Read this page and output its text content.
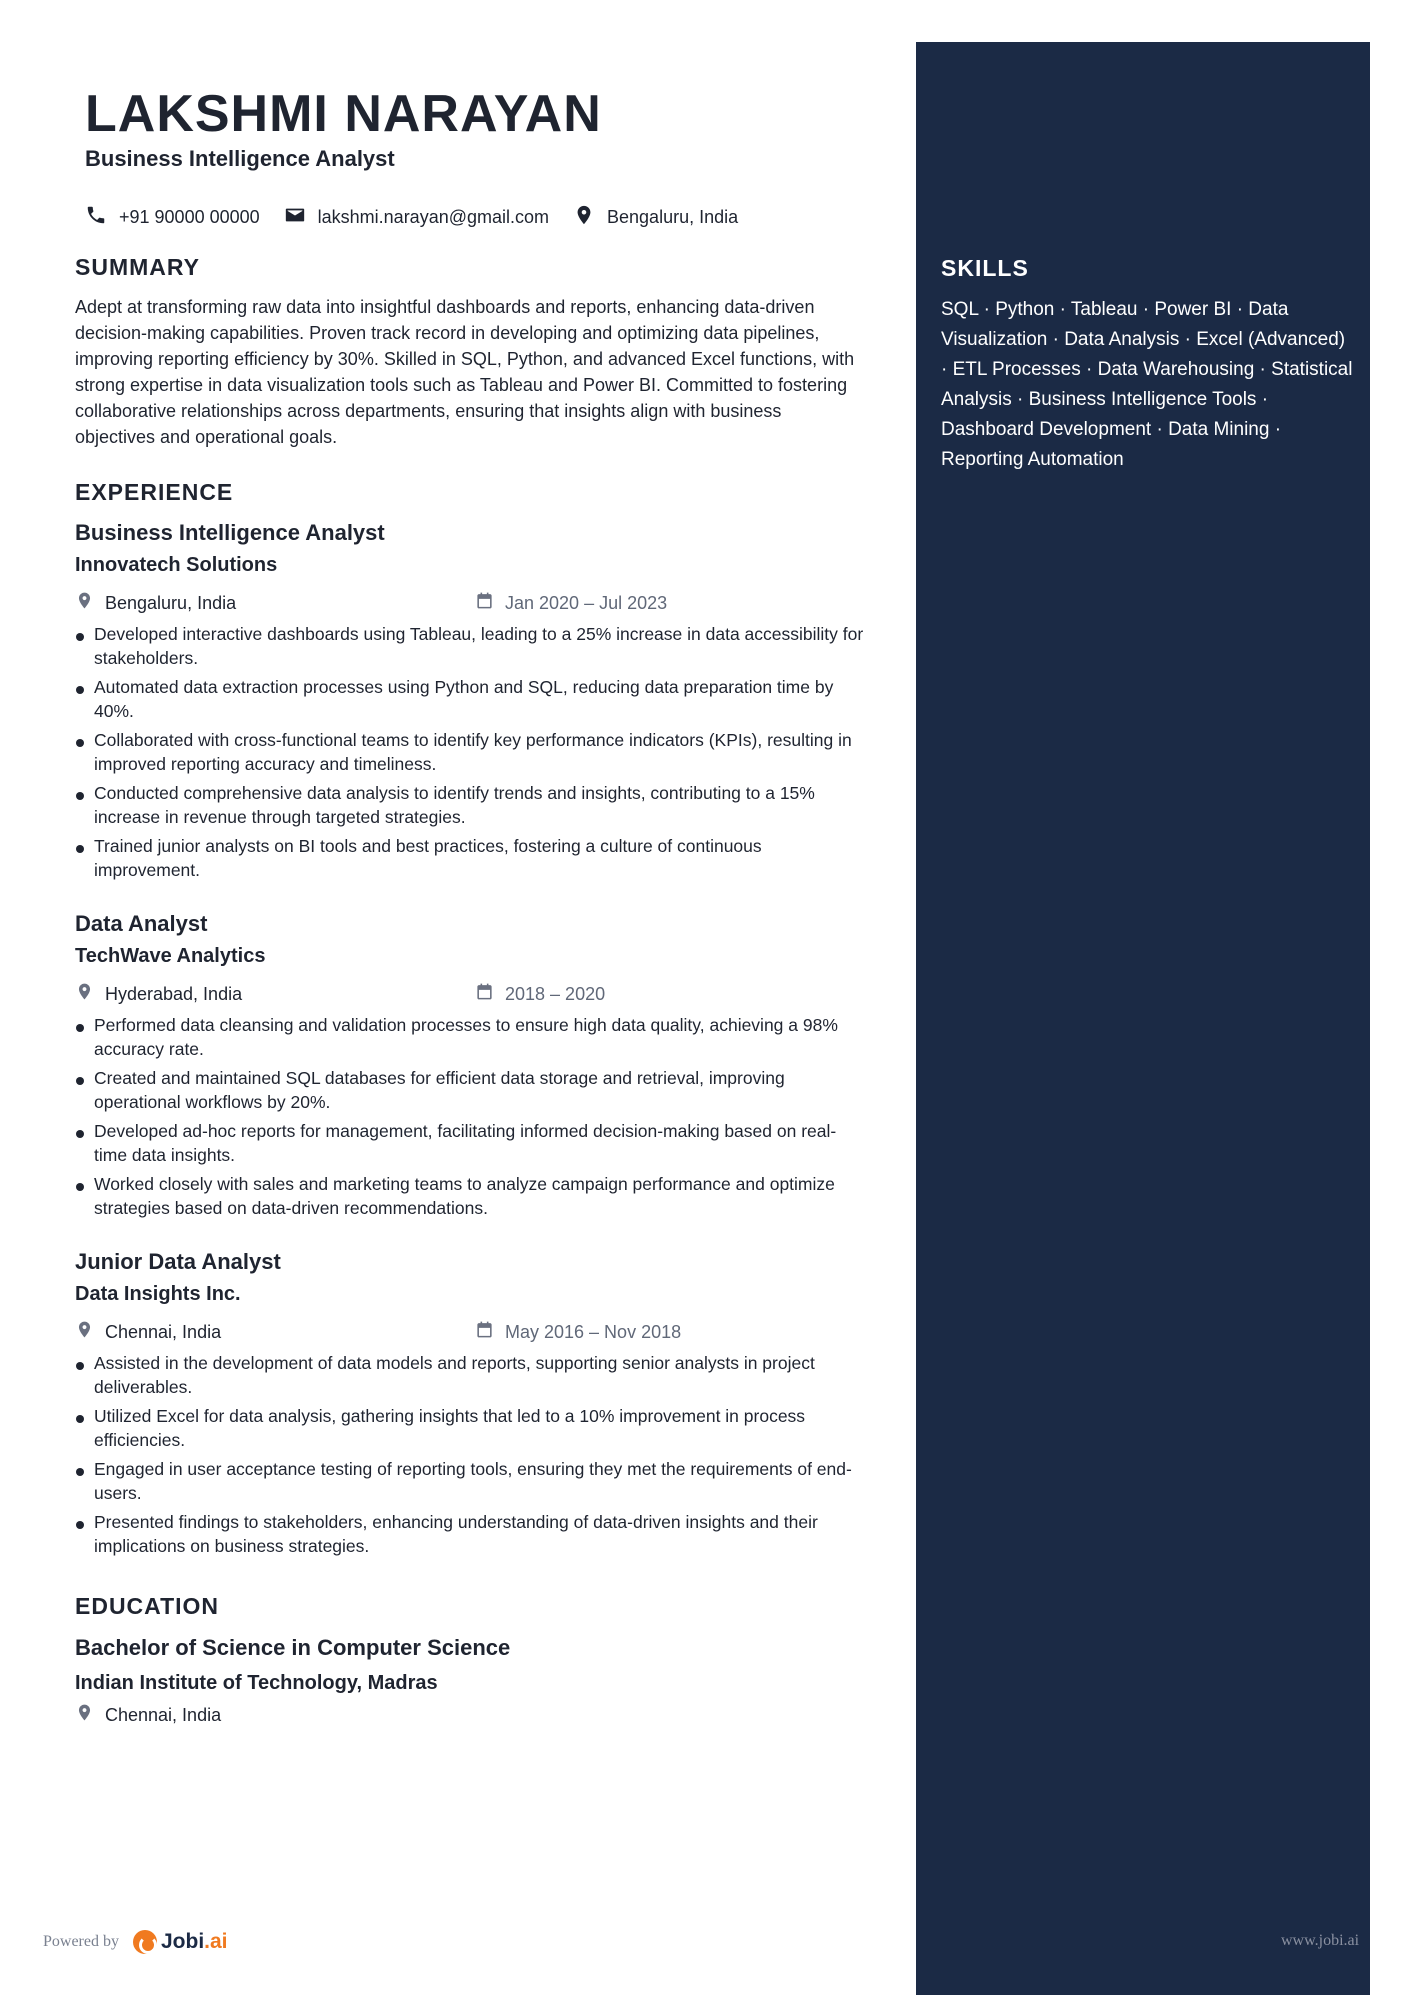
SKILLS
SQL · Python · Tableau · Power BI · Data Visualization · Data Analysis · Excel (Advanced) · ETL Processes · Data Warehousing · Statistical Analysis · Business Intelligence Tools · Dashboard Development · Data Mining · Reporting Automation
LAKSHMI NARAYAN
Business Intelligence Analyst
+91 90000 00000	lakshmi.narayan@gmail.com	Bengaluru, India
SUMMARY
Adept at transforming raw data into insightful dashboards and reports, enhancing data-driven decision-making capabilities. Proven track record in developing and optimizing data pipelines, improving reporting efficiency by 30%. Skilled in SQL, Python, and advanced Excel functions, with strong expertise in data visualization tools such as Tableau and Power BI. Committed to fostering collaborative relationships across departments, ensuring that insights align with business objectives and operational goals.
EXPERIENCE
Business Intelligence Analyst
Innovatech Solutions
Bengaluru, India	Jan 2020 – Jul 2023
Developed interactive dashboards using Tableau, leading to a 25% increase in data accessibility for stakeholders.
Automated data extraction processes using Python and SQL, reducing data preparation time by 40%.
Collaborated with cross-functional teams to identify key performance indicators (KPIs), resulting in improved reporting accuracy and timeliness.
Conducted comprehensive data analysis to identify trends and insights, contributing to a 15% increase in revenue through targeted strategies.
Trained junior analysts on BI tools and best practices, fostering a culture of continuous improvement.
Data Analyst
TechWave Analytics
Hyderabad, India	2018 – 2020
Performed data cleansing and validation processes to ensure high data quality, achieving a 98% accuracy rate.
Created and maintained SQL databases for efficient data storage and retrieval, improving operational workflows by 20%.
Developed ad-hoc reports for management, facilitating informed decision-making based on real-time data insights.
Worked closely with sales and marketing teams to analyze campaign performance and optimize strategies based on data-driven recommendations.
Junior Data Analyst
Data Insights Inc.
Chennai, India	May 2016 – Nov 2018
Assisted in the development of data models and reports, supporting senior analysts in project deliverables.
Utilized Excel for data analysis, gathering insights that led to a 10% improvement in process efficiencies.
Engaged in user acceptance testing of reporting tools, ensuring they met the requirements of end-users.
Presented findings to stakeholders, enhancing understanding of data-driven insights and their implications on business strategies.
EDUCATION
Bachelor of Science in Computer Science
Indian Institute of Technology, Madras
Chennai, India
Powered by Jobi .ai	www.jobi.ai
